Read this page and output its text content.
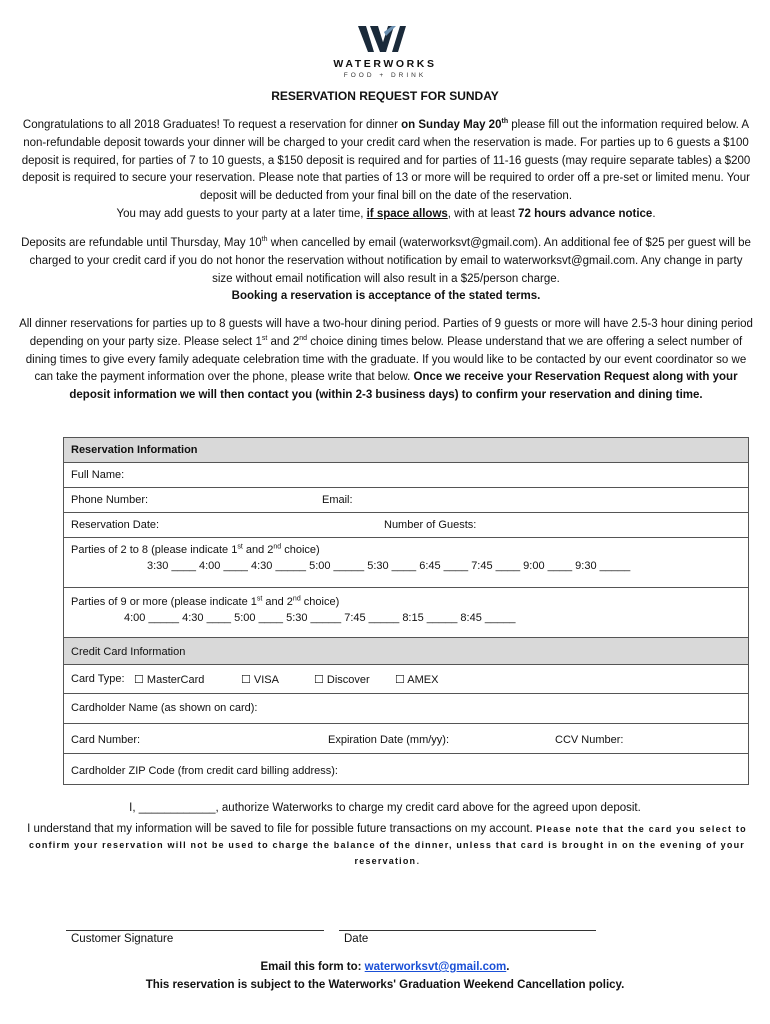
WATERWORKS
FOOD + DRINK
RESERVATION REQUEST FOR SUNDAY
Congratulations to all 2018 Graduates! To request a reservation for dinner on Sunday May 20th please fill out the information required below. A non-refundable deposit towards your dinner will be charged to your credit card when the reservation is made. For parties up to 6 guests a $100 deposit is required, for parties of 7 to 10 guests, a $150 deposit is required and for parties of 11-16 guests (may require separate tables) a $200 deposit is required to secure your reservation. Please note that parties of 13 or more will be required to order off a pre-set or limited menu. Your deposit will be deducted from your final bill on the date of the reservation.
You may add guests to your party at a later time, if space allows, with at least 72 hours advance notice.
Deposits are refundable until Thursday, May 10th when cancelled by email (waterworksvt@gmail.com). An additional fee of $25 per guest will be charged to your credit card if you do not honor the reservation without notification by email to waterworksvt@gmail.com. Any change in party size without email notification will also result in a $25/person charge.
Booking a reservation is acceptance of the stated terms.
All dinner reservations for parties up to 8 guests will have a two-hour dining period. Parties of 9 guests or more will have 2.5-3 hour dining period depending on your party size. Please select 1st and 2nd choice dining times below. Please understand that we are offering a select number of dining times to give every family adequate celebration time with the graduate. If you would like to be contacted by our event coordinator so we can take the payment information over the phone, please write that below. Once we receive your Reservation Request along with your deposit information we will then contact you (within 2-3 business days) to confirm your reservation and dining time.
Reservation Information
Full Name:
Phone Number:	Email:
Reservation Date:	Number of Guests:
Parties of 2 to 8 (please indicate 1st and 2nd choice)
3:30 ____ 4:00 ____ 4:30 _____ 5:00 _____ 5:30 ____ 6:45 ____ 7:45 ____ 9:00 ____ 9:30 _____
Parties of 9 or more (please indicate 1st and 2nd choice)
4:00 _____ 4:30 ____ 5:00 ____ 5:30 _____ 7:45 _____ 8:15 _____ 8:45 _____
Credit Card Information
Card Type: ☐ MasterCard	☐ VISA	☐ Discover ☐ AMEX
Cardholder Name (as shown on card):
Card Number:	Expiration Date (mm/yy):	CCV Number:
Cardholder ZIP Code (from credit card billing address):
I, ____________, authorize Waterworks to charge my credit card above for the agreed upon deposit.
I understand that my information will be saved to file for possible future transactions on my account. Please note that the card you select to confirm your reservation will not be used to charge the balance of the dinner, unless that card is brought in on the evening of your reservation.
Customer Signature	Date
Email this form to: waterworksvt@gmail.com.
This reservation is subject to the Waterworks' Graduation Weekend Cancellation policy.
